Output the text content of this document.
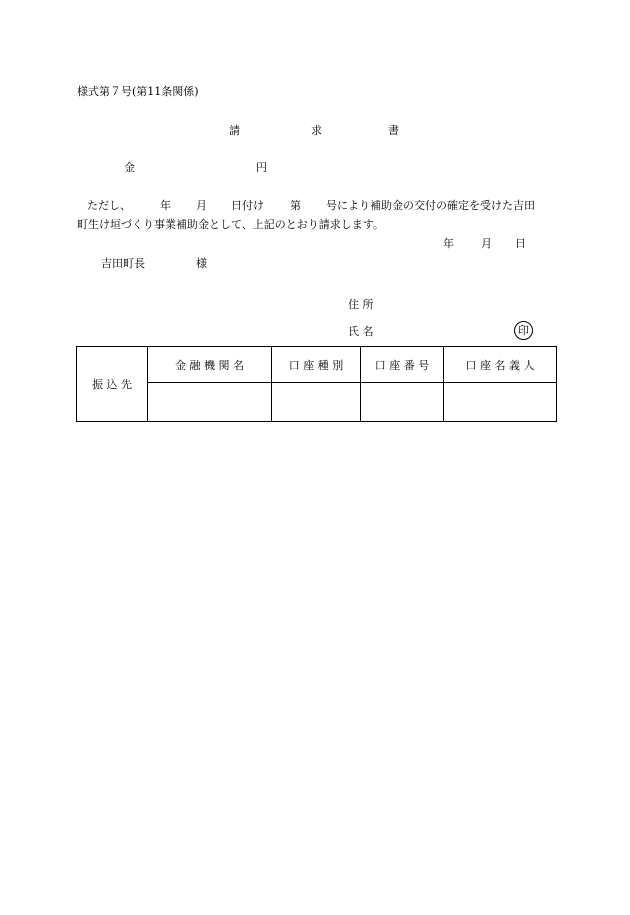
様式第７号(第11条関係)
請	求	書
金	円
ただし、	年 月 日付け 第 号により補助金の交付の確定を受けた吉田
町生け垣づくり事業補助金として、上記のとおり請求します。
年 月 日
吉田町長	様
住 所
氏 名	印
振 込 先	金 融 機 関 名	口 座 種 別	口 座 番 号	口 座 名 義 人
